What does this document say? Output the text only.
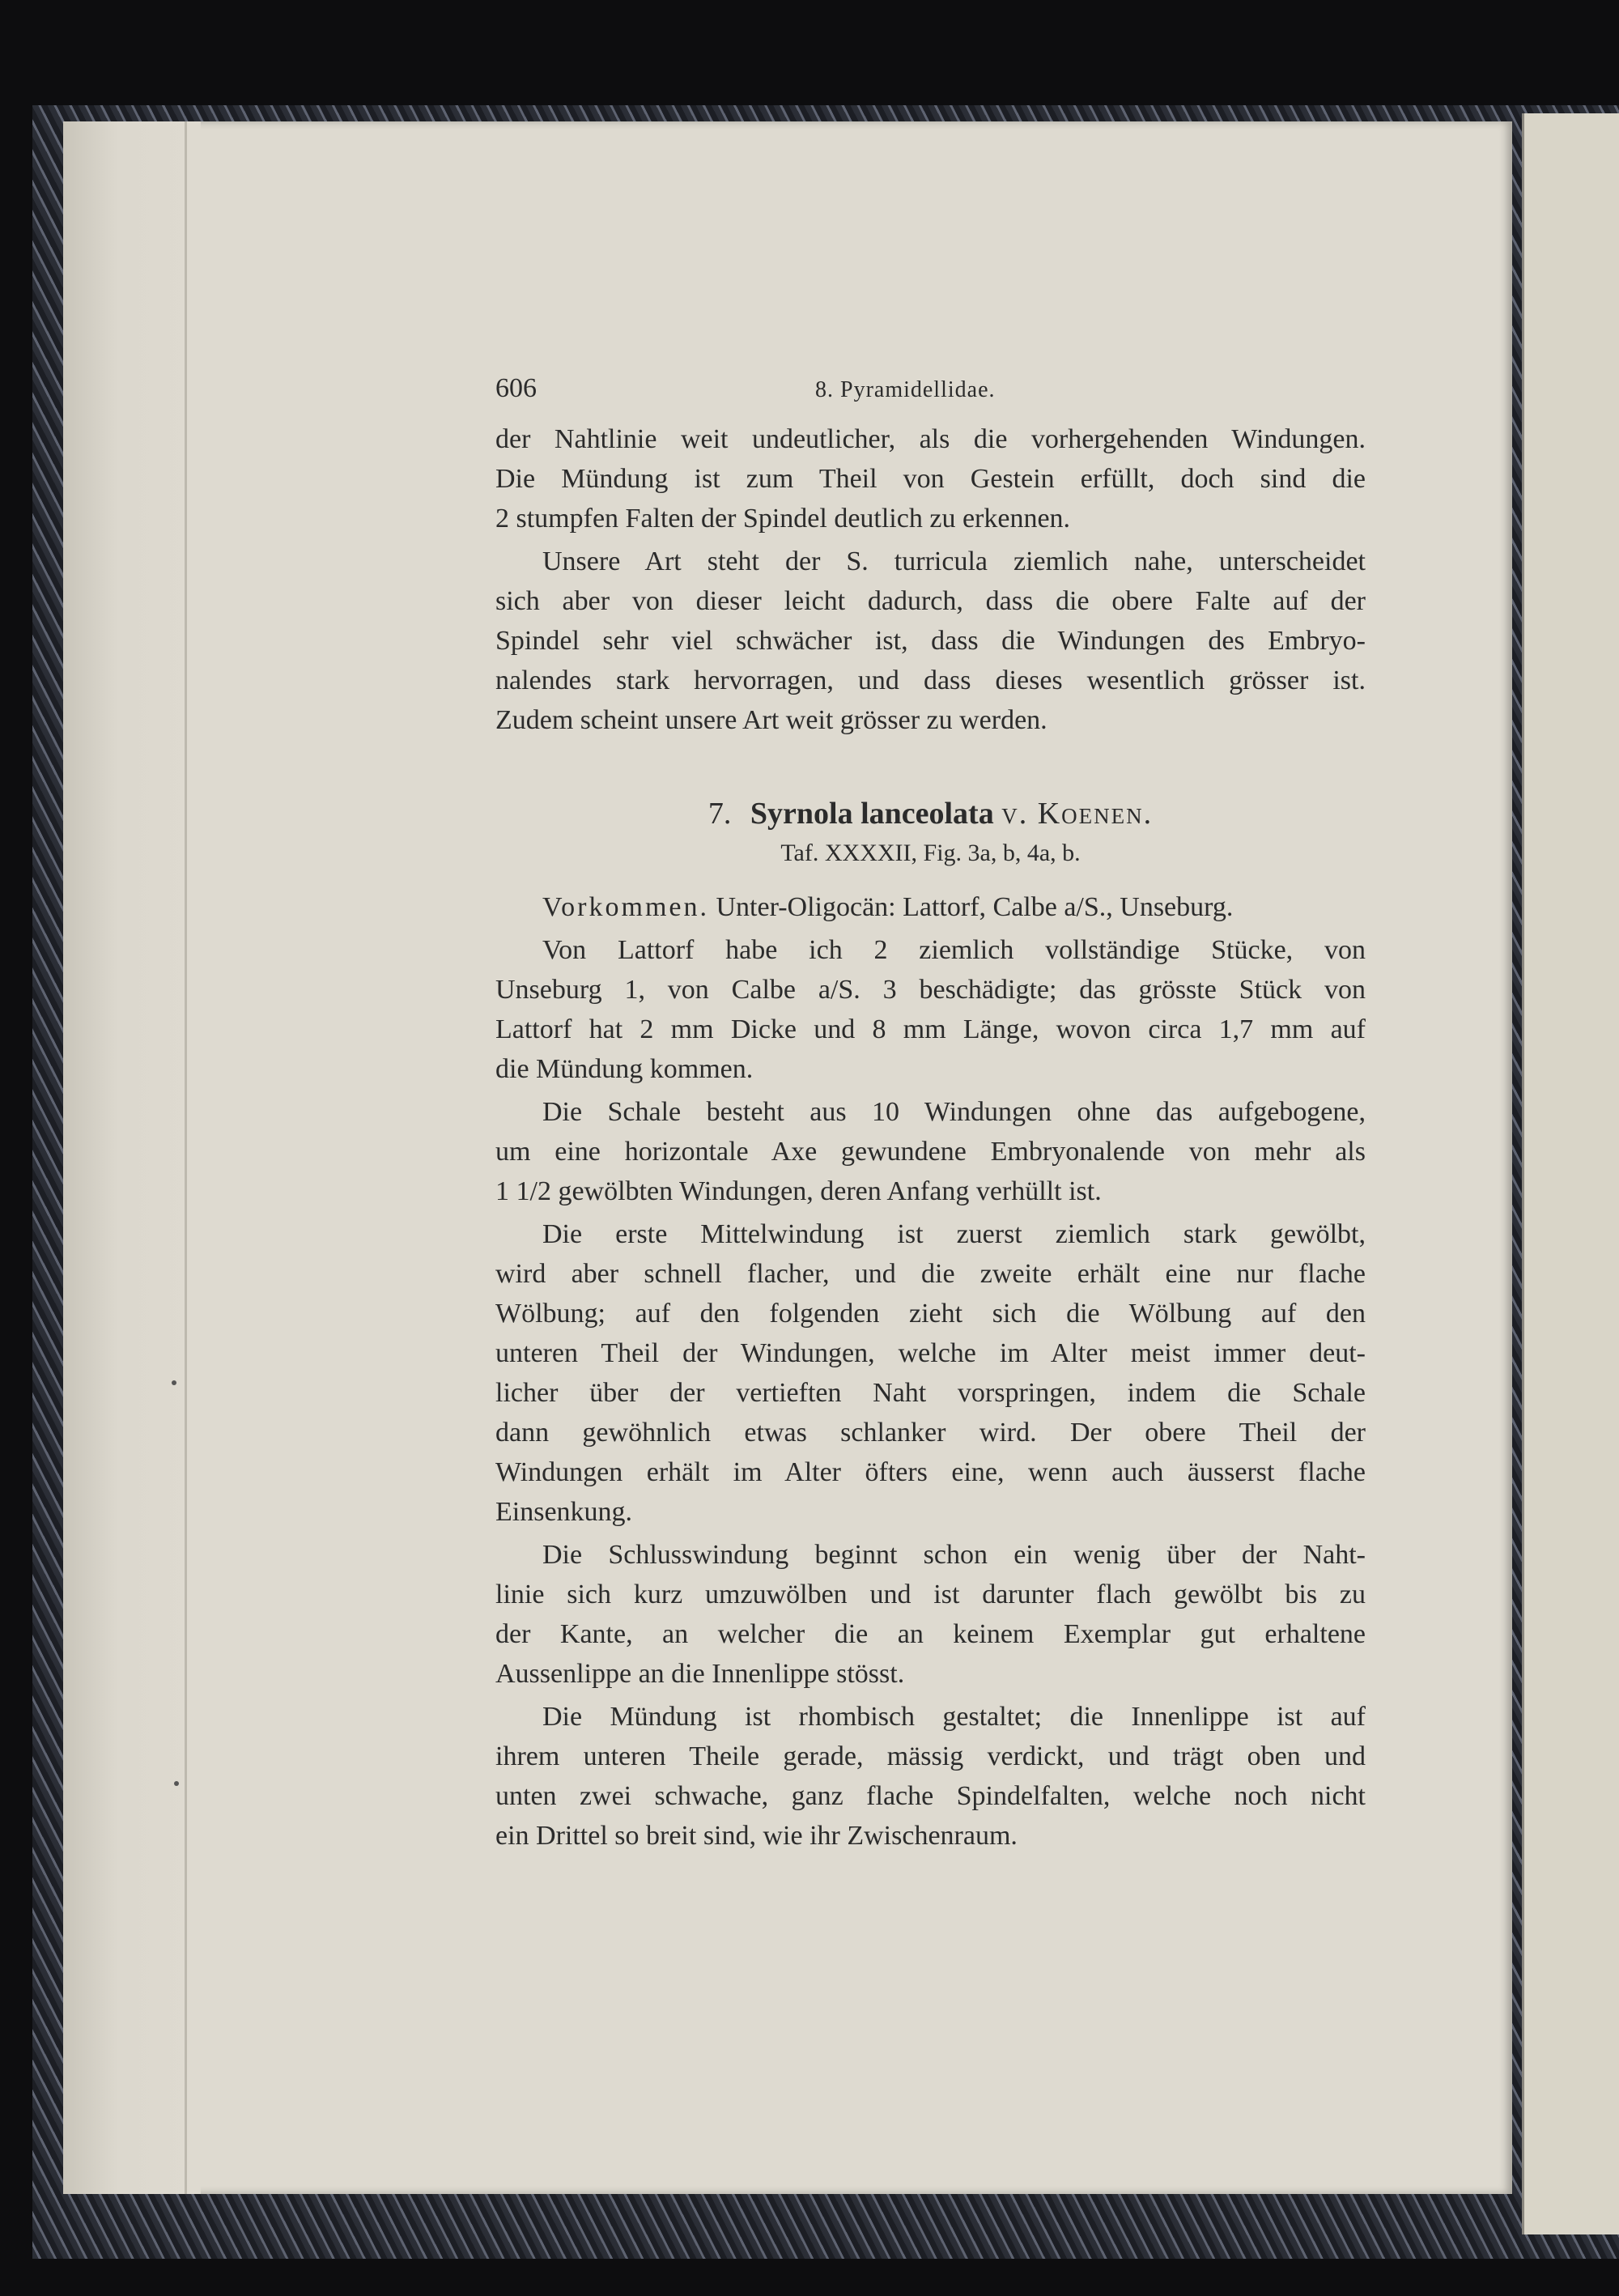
606	8. Pyramidellidae.
der Nahtlinie weit undeutlicher, als die vorhergehenden Windungen.
Die Mündung ist zum Theil von Gestein erfüllt, doch sind die
2 stumpfen Falten der Spindel deutlich zu erkennen.
Unsere Art steht der S. turricula ziemlich nahe, unterscheidet
sich aber von dieser leicht dadurch, dass die obere Falte auf der
Spindel sehr viel schwächer ist, dass die Windungen des Embryo-
nalendes stark hervorragen, und dass dieses wesentlich grösser ist.
Zudem scheint unsere Art weit grösser zu werden.
7. Syrnola lanceolata v. Koenen.
Taf. XXXXII, Fig. 3a, b, 4a, b.
Vorkommen. Unter-Oligocän: Lattorf, Calbe a/S., Unseburg.
Von Lattorf habe ich 2 ziemlich vollständige Stücke, von
Unseburg 1, von Calbe a/S. 3 beschädigte; das grösste Stück von
Lattorf hat 2 mm Dicke und 8 mm Länge, wovon circa 1,7 mm auf
die Mündung kommen.
Die Schale besteht aus 10 Windungen ohne das aufgebogene,
um eine horizontale Axe gewundene Embryonalende von mehr als
1 1/2 gewölbten Windungen, deren Anfang verhüllt ist.
Die erste Mittelwindung ist zuerst ziemlich stark gewölbt,
wird aber schnell flacher, und die zweite erhält eine nur flache
Wölbung; auf den folgenden zieht sich die Wölbung auf den
unteren Theil der Windungen, welche im Alter meist immer deut-
licher über der vertieften Naht vorspringen, indem die Schale
dann gewöhnlich etwas schlanker wird. Der obere Theil der
Windungen erhält im Alter öfters eine, wenn auch äusserst flache
Einsenkung.
Die Schlusswindung beginnt schon ein wenig über der Naht-
linie sich kurz umzuwölben und ist darunter flach gewölbt bis zu
der Kante, an welcher die an keinem Exemplar gut erhaltene
Aussenlippe an die Innenlippe stösst.
Die Mündung ist rhombisch gestaltet; die Innenlippe ist auf
ihrem unteren Theile gerade, mässig verdickt, und trägt oben und
unten zwei schwache, ganz flache Spindelfalten, welche noch nicht
ein Drittel so breit sind, wie ihr Zwischenraum.
